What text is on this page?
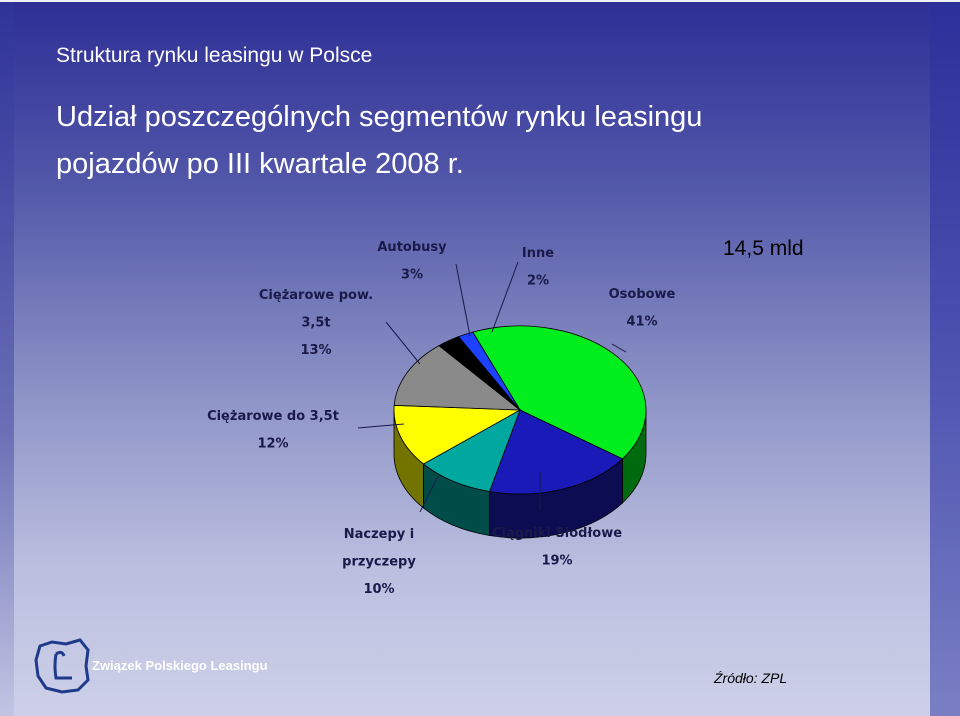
Struktura rynku leasingu w Polsce
Udział poszczególnych segmentów rynku leasingu
pojazdów po III kwartale 2008 r.
14,5 mld
Osobowe
41%
Ciągniki Siodłowe
19%
Naczepy i
przyczepy
10%
Ciężarowe do 3,5t
12%
Ciężarowe pow.
3,5t
13%
Autobusy
3%
Inne
2%
Związek Polskiego Leasingu
Źródło: ZPL
